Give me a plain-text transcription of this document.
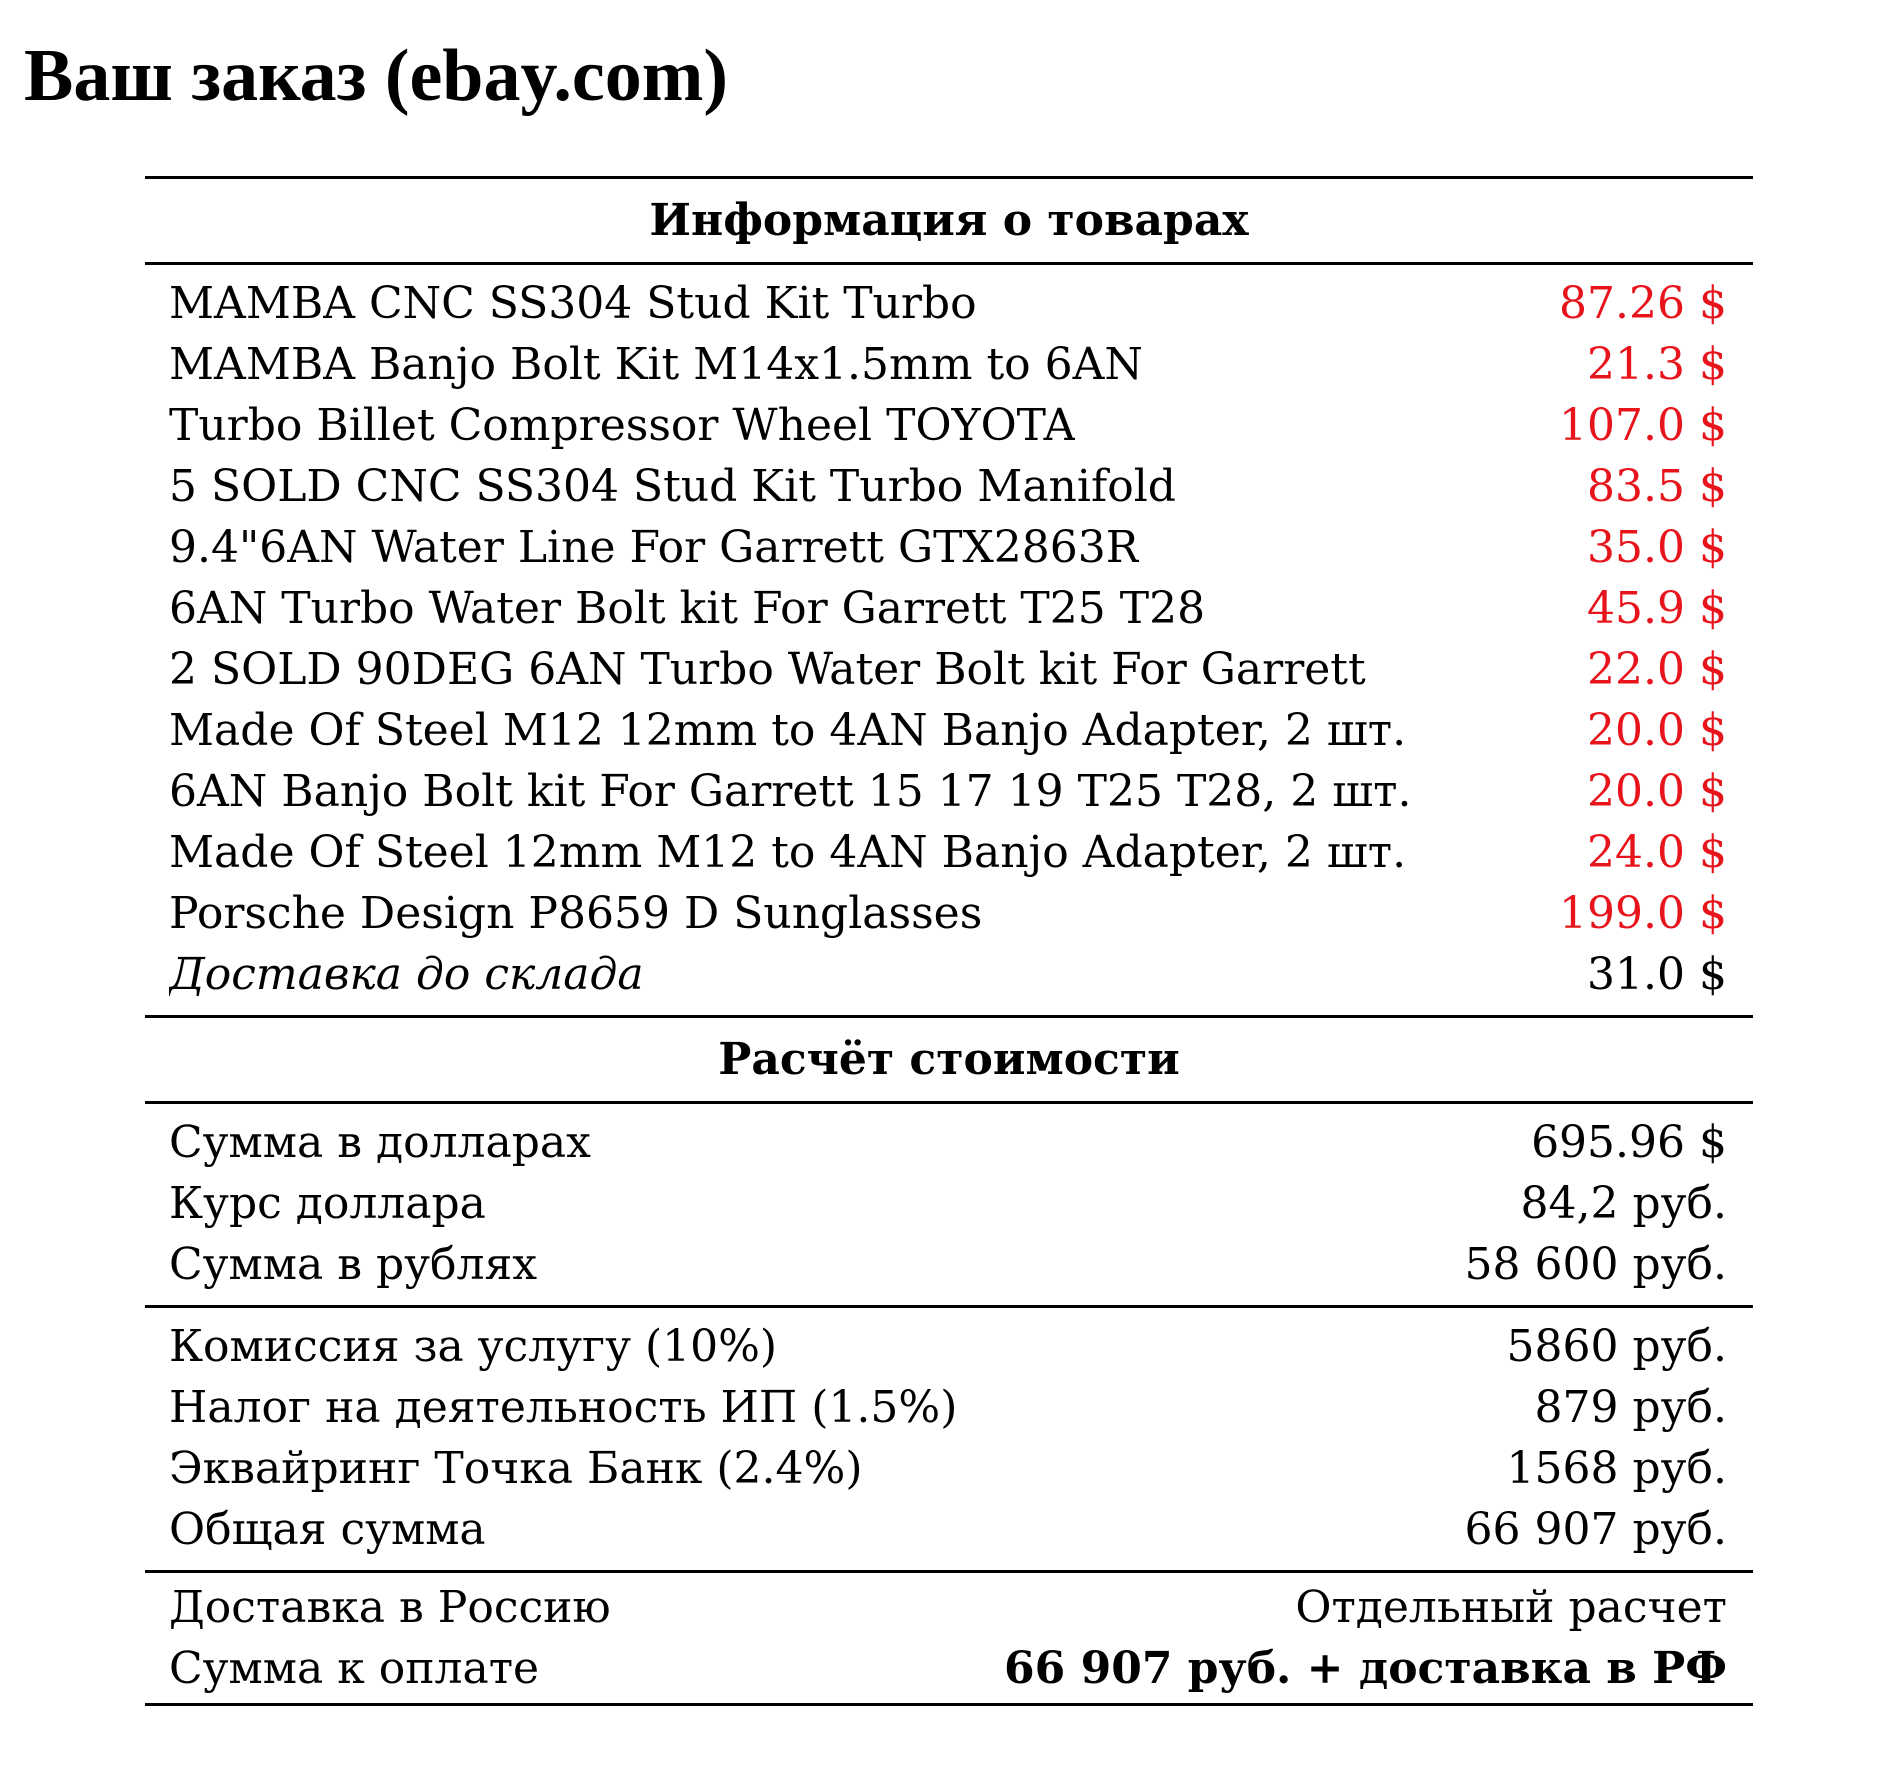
Ваш заказ (ebay.com)
Информация о товарах
MAMBA CNC SS304 Stud Kit Turbo	87.26 $
MAMBA Banjo Bolt Kit M14x1.5mm to 6AN	21.3 $
Turbo Billet Compressor Wheel TOYOTA	107.0 $
5 SOLD CNC SS304 Stud Kit Turbo Manifold	83.5 $
9.4"6AN Water Line For Garrett GTX2863R	35.0 $
6AN Turbo Water Bolt kit For Garrett T25 T28	45.9 $
2 SOLD 90DEG 6AN Turbo Water Bolt kit For Garrett	22.0 $
Made Of Steel M12 12mm to 4AN Banjo Adapter, 2 шт.	20.0 $
6AN Banjo Bolt kit For Garrett 15 17 19 T25 T28, 2 шт.	20.0 $
Made Of Steel 12mm M12 to 4AN Banjo Adapter, 2 шт.	24.0 $
Porsche Design P8659 D Sunglasses	199.0 $
Доставка до склада	31.0 $
Расчёт стоимости
Сумма в долларах	695.96 $
Курс доллара	84,2 руб.
Сумма в рублях	58 600 руб.
Комиссия за услугу (10%)	5860 руб.
Налог на деятельность ИП (1.5%)	879 руб.
Эквайринг Точка Банк (2.4%)	1568 руб.
Общая сумма	66 907 руб.
Доставка в Россию	Отдельный расчет
Сумма к оплате	66 907 руб. + доставка в РФ
